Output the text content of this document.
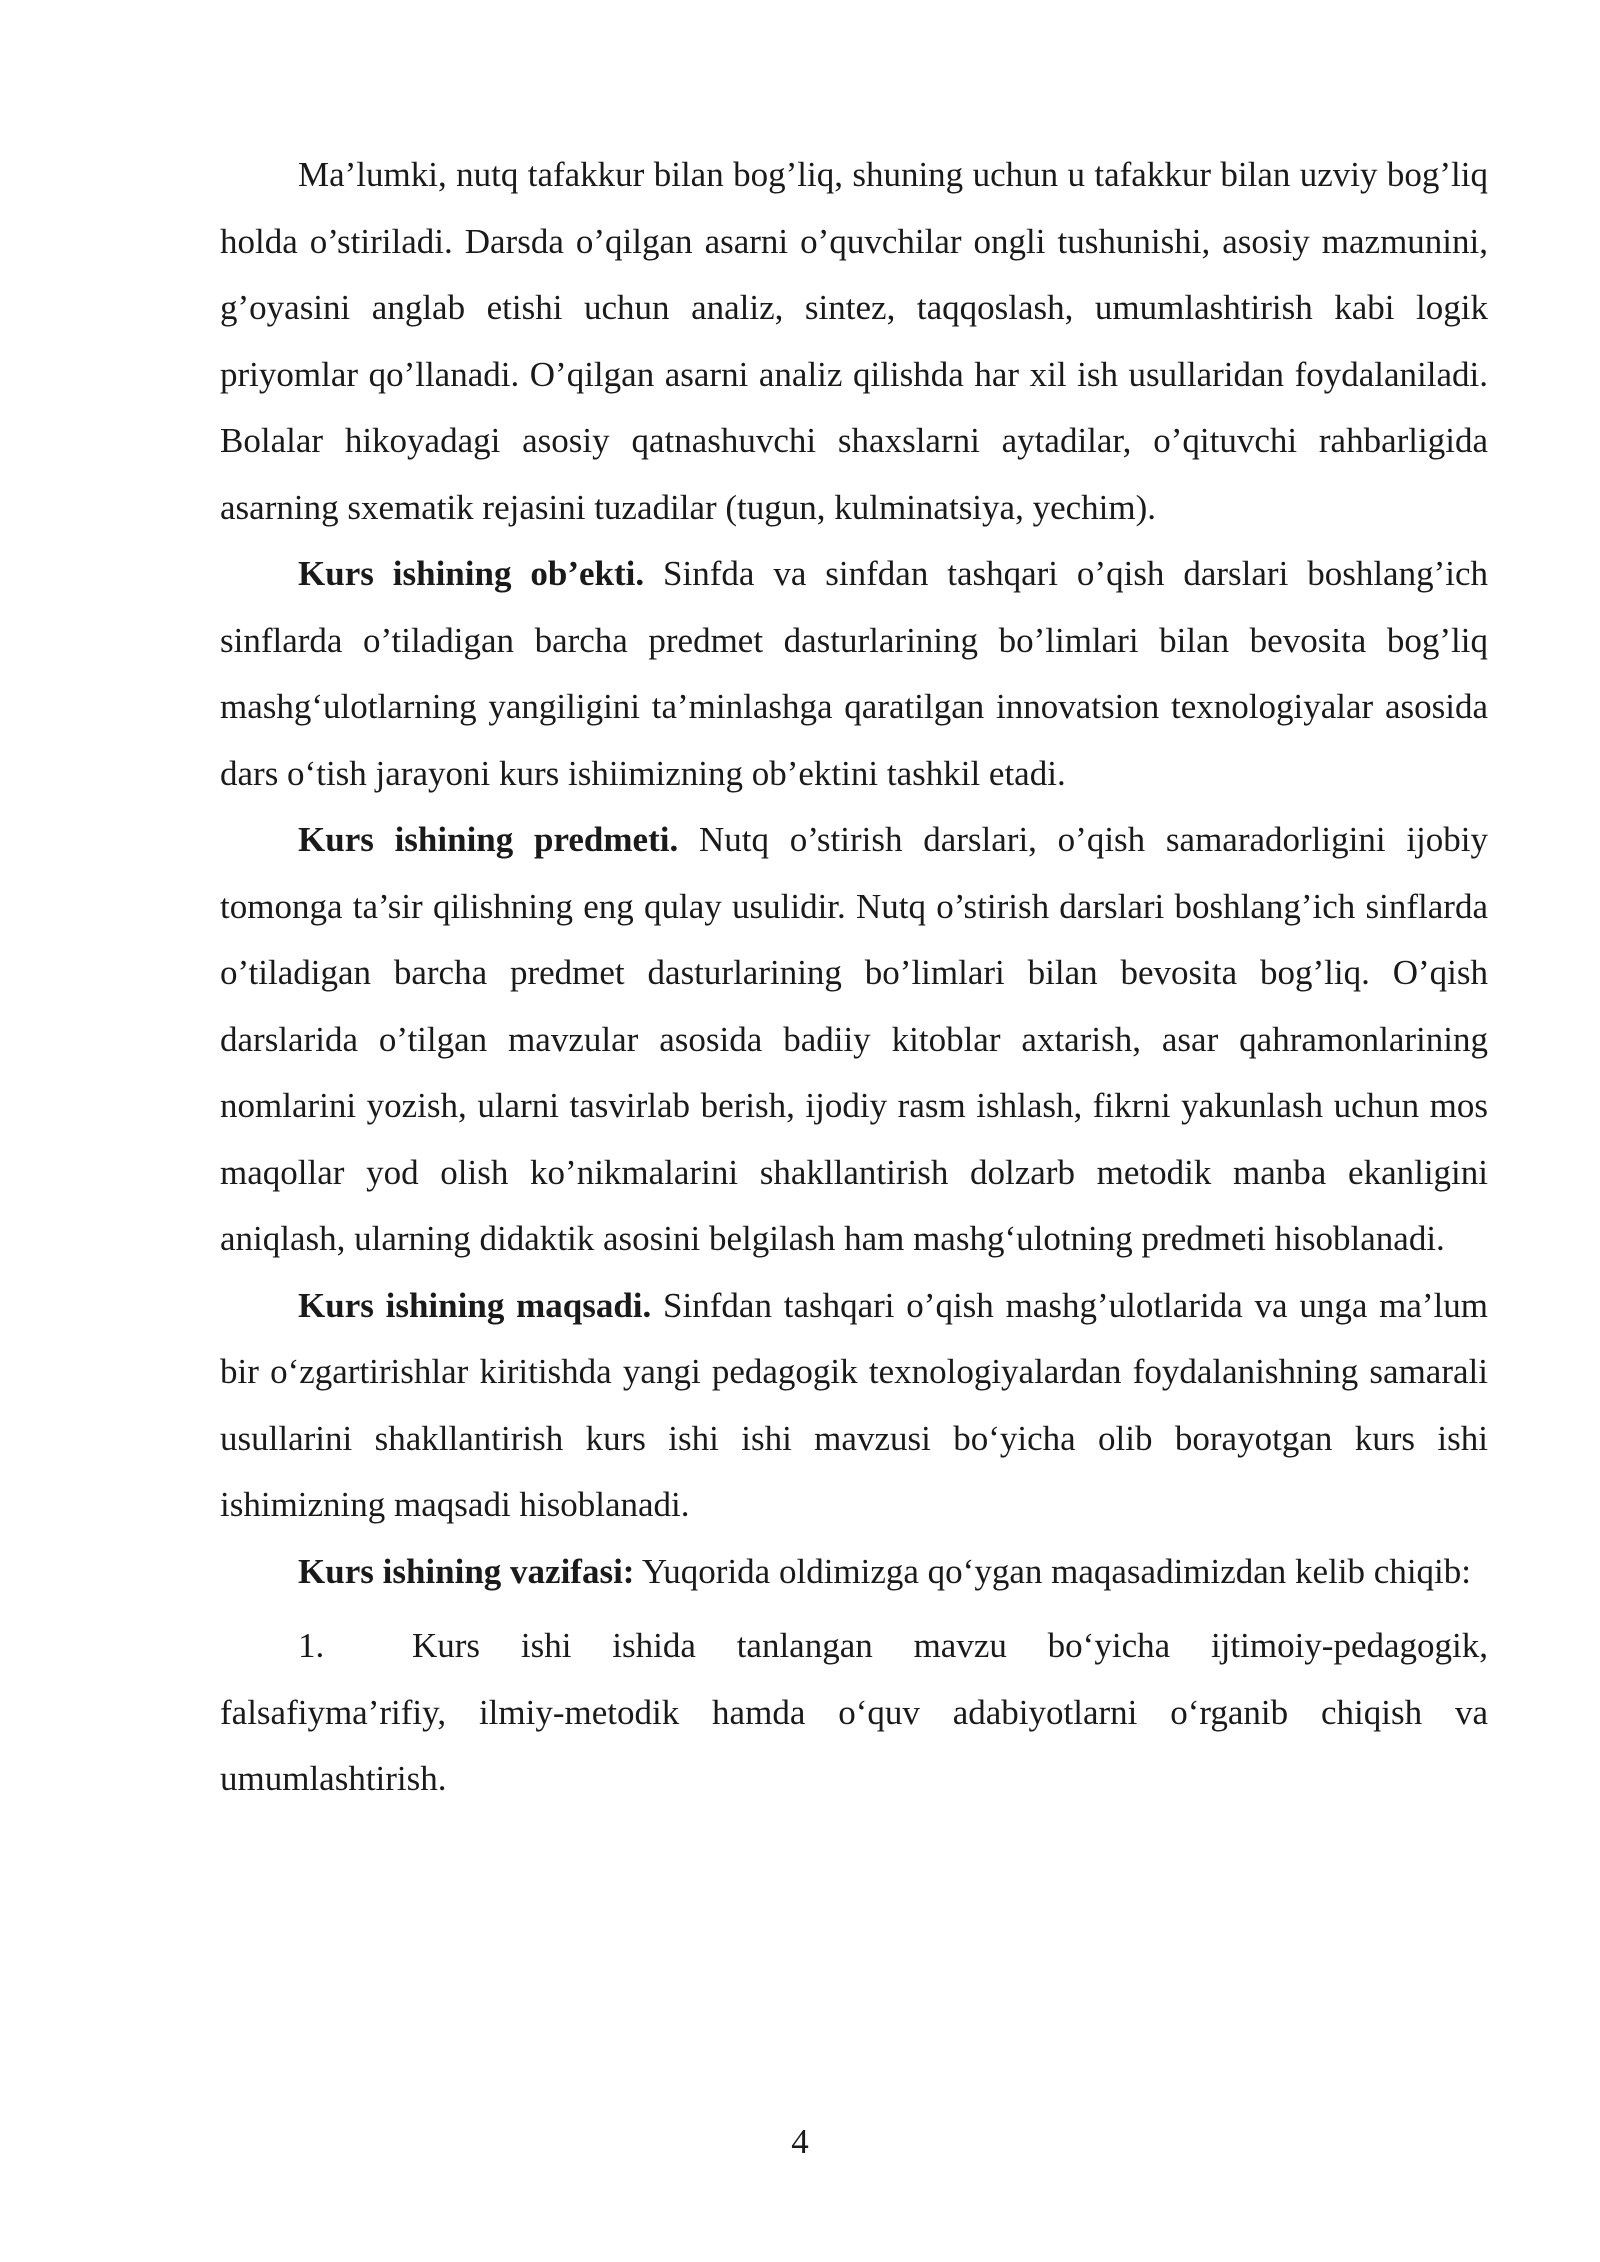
Ma’lumki, nutq tafakkur bilan bog’liq, shuning uchun u tafakkur bilan uzviy bog’liq holda o’stiriladi. Darsda o’qilgan asarni o’quvchilar ongli tushunishi, asosiy mazmunini, g’oyasini anglab etishi uchun analiz, sintez, taqqoslash, umumlashtirish kabi logik priyomlar qo’llanadi. O’qilgan asarni analiz qilishda har xil ish usullaridan foydalaniladi. Bolalar hikoyadagi asosiy qatnashuvchi shaxslarni aytadilar, o’qituvchi rahbarligida asarning sxematik rejasini tuzadilar (tugun, kulminatsiya, yechim).

Kurs ishining ob’ekti. Sinfda va sinfdan tashqari o’qish darslari boshlang’ich sinflarda o’tiladigan barcha predmet dasturlarining bo’limlari bilan bevosita bog’liq mashg‘ulotlarning yangiligini ta’minlashga qaratilgan innovatsion texnologiyalar asosida dars o‘tish jarayoni kurs ishiimizning ob’ektini tashkil etadi.

Kurs ishining predmeti. Nutq o’stirish darslari, o’qish samaradorligini ijobiy tomonga ta’sir qilishning eng qulay usulidir. Nutq o’stirish darslari boshlang’ich sinflarda o’tiladigan barcha predmet dasturlarining bo’limlari bilan bevosita bog’liq. O’qish darslarida o’tilgan mavzular asosida badiiy kitoblar axtarish, asar qahramonlarining nomlarini yozish, ularni tasvirlab berish, ijodiy rasm ishlash, fikrni yakunlash uchun mos maqollar yod olish ko’nikmalarini shakllantirish dolzarb metodik manba ekanligini aniqlash, ularning didaktik asosini belgilash ham mashg‘ulotning predmeti hisoblanadi.

Kurs ishining maqsadi. Sinfdan tashqari o’qish mashg’ulotlarida va unga ma’lum bir o‘zgartirishlar kiritishda yangi pedagogik texnologiyalardan foydalanishning samarali usullarini shakllantirish kurs ishi ishi mavzusi bo‘yicha olib borayotgan kurs ishi ishimizning maqsadi hisoblanadi.

Kurs ishining vazifasi: Yuqorida oldimizga qo‘ygan maqasadimizdan kelib chiqib:

1.	Kurs ishi ishida tanlangan mavzu bo‘yicha ijtimoiy-pedagogik, falsafiyma’rifiy, ilmiy-metodik hamda o‘quv adabiyotlarni o‘rganib chiqish va umumlashtirish.

4
